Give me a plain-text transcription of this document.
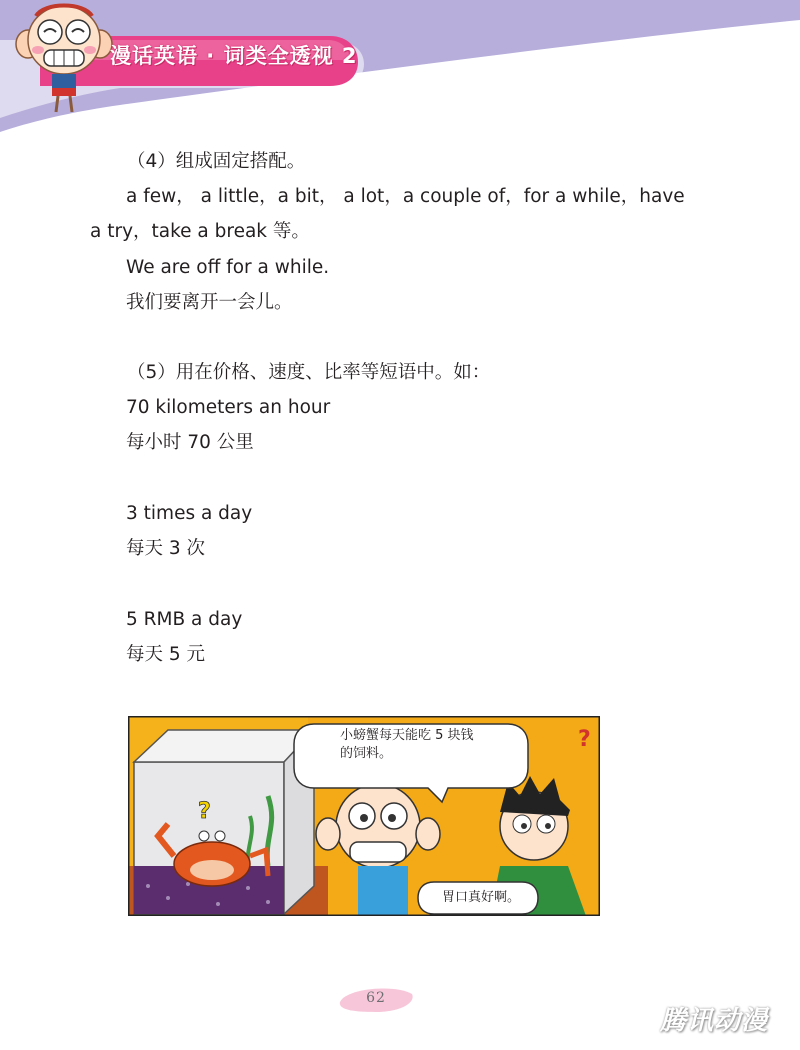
漫话英语 · 词类全透视 2
（4）组成固定搭配。
a few， a little，a bit， a lot，a couple of，for a while，have
a try，take a break 等。
We are off for a while.
我们要离开一会儿。
（5）用在价格、速度、比率等短语中。如：
70 kilometers an hour
每小时 70 公里
3 times a day
每天 3 次
5 RMB a day
每天 5 元
?
?
小螃蟹每天能吃 5 块钱
的饲料。
胃口真好啊。
62
腾讯动漫
